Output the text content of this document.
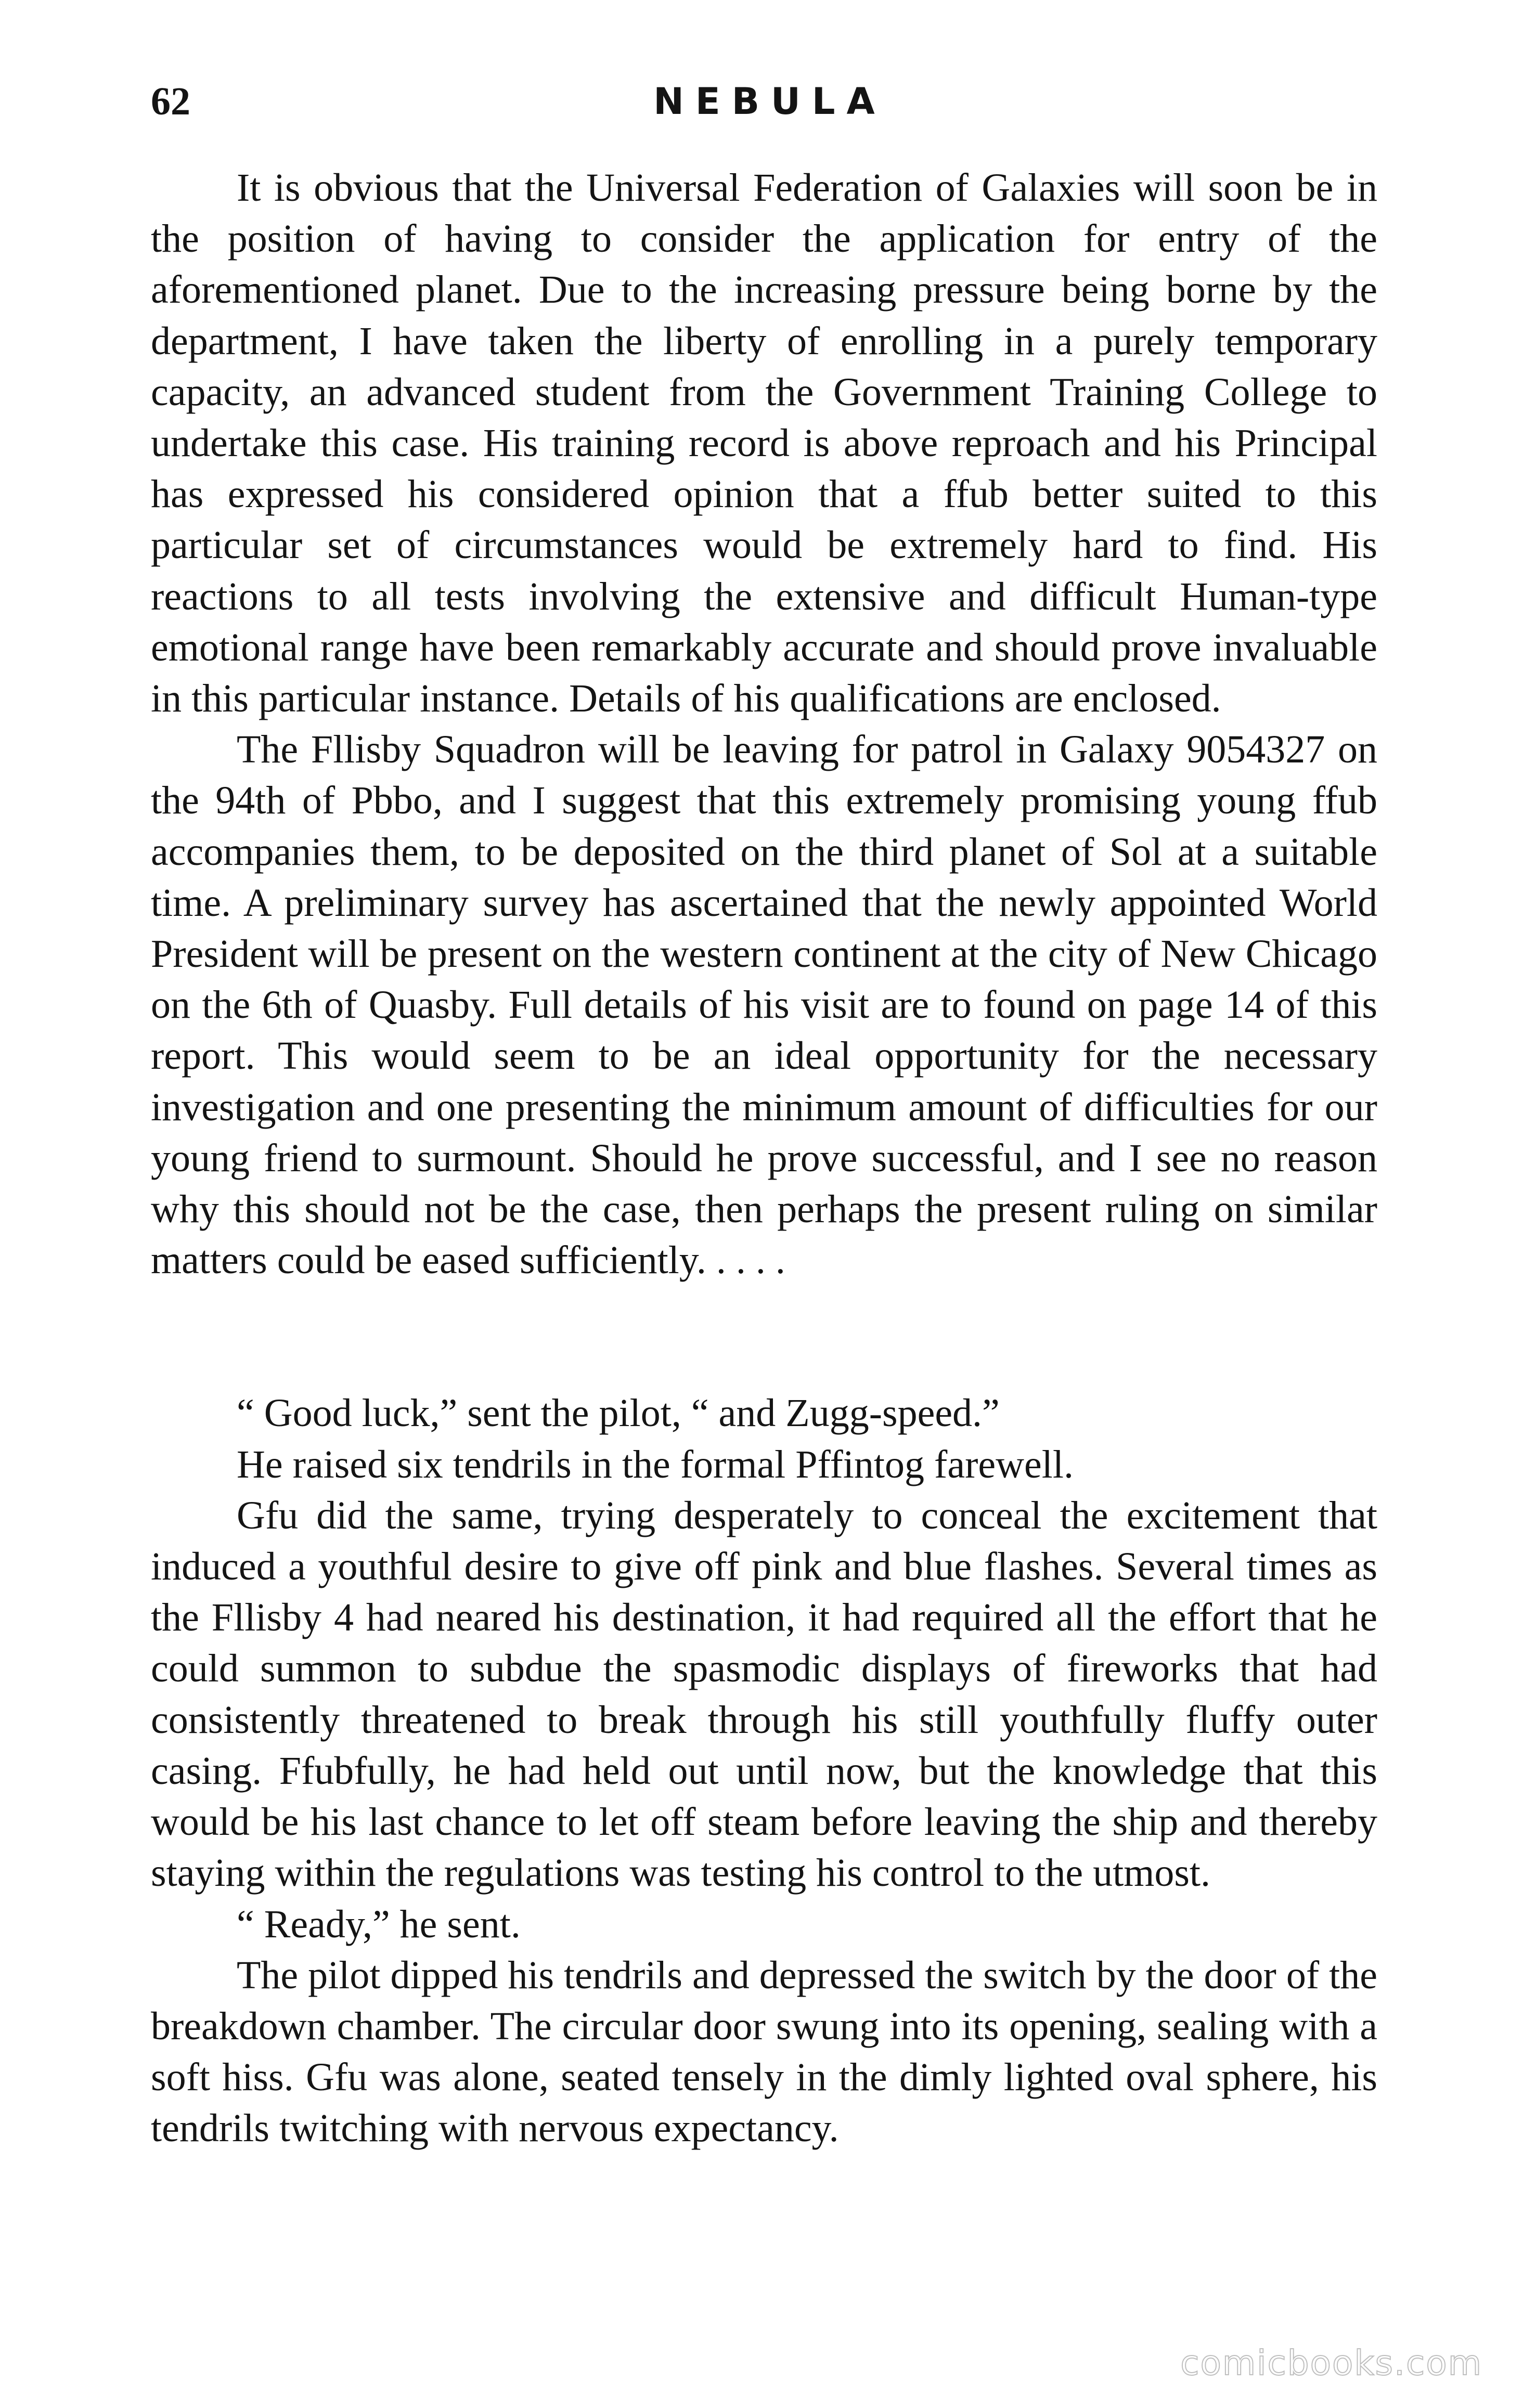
62	NEBULA

It is obvious that the Universal Federation of Galaxies will soon be in the position of having to consider the application for entry of the aforementioned planet. Due to the increasing pressure being borne by the department, I have taken the liberty of enrolling in a purely temporary capacity, an advanced student from the Government Training College to undertake this case. His training record is above reproach and his Principal has expressed his considered opinion that a ffub better suited to this particular set of circumstances would be extremely hard to find. His reactions to all tests involving the extensive and difficult Human-type emotional range have been remarkably accurate and should prove invaluable in this particular instance. Details of his qualifications are enclosed.

The Fllisby Squadron will be leaving for patrol in Galaxy 9054327 on the 94th of Pbbo, and I suggest that this extremely promising young ffub accompanies them, to be deposited on the third planet of Sol at a suitable time. A preliminary survey has ascertained that the newly appointed World President will be present on the western continent at the city of New Chicago on the 6th of Quasby. Full details of his visit are to found on page 14 of this report. This would seem to be an ideal opportunity for the necessary investigation and one presenting the minimum amount of difficulties for our young friend to surmount. Should he prove successful, and I see no reason why this should not be the case, then perhaps the present ruling on similar matters could be eased sufficiently. . . . .

“ Good luck,” sent the pilot, “ and Zugg-speed.”

He raised six tendrils in the formal Pffintog farewell.

Gfu did the same, trying desperately to conceal the excitement that induced a youthful desire to give off pink and blue flashes. Several times as the Fllisby 4 had neared his destination, it had required all the effort that he could summon to subdue the spasmodic displays of fireworks that had consistently threatened to break through his still youthfully fluffy outer casing. Ffubfully, he had held out until now, but the knowledge that this would be his last chance to let off steam before leaving the ship and thereby staying within the regulations was testing his control to the utmost.

“ Ready,” he sent.

The pilot dipped his tendrils and depressed the switch by the door of the breakdown chamber. The circular door swung into its opening, sealing with a soft hiss. Gfu was alone, seated tensely in the dimly lighted oval sphere, his tendrils twitching with nervous expectancy.

comicbooks.com
